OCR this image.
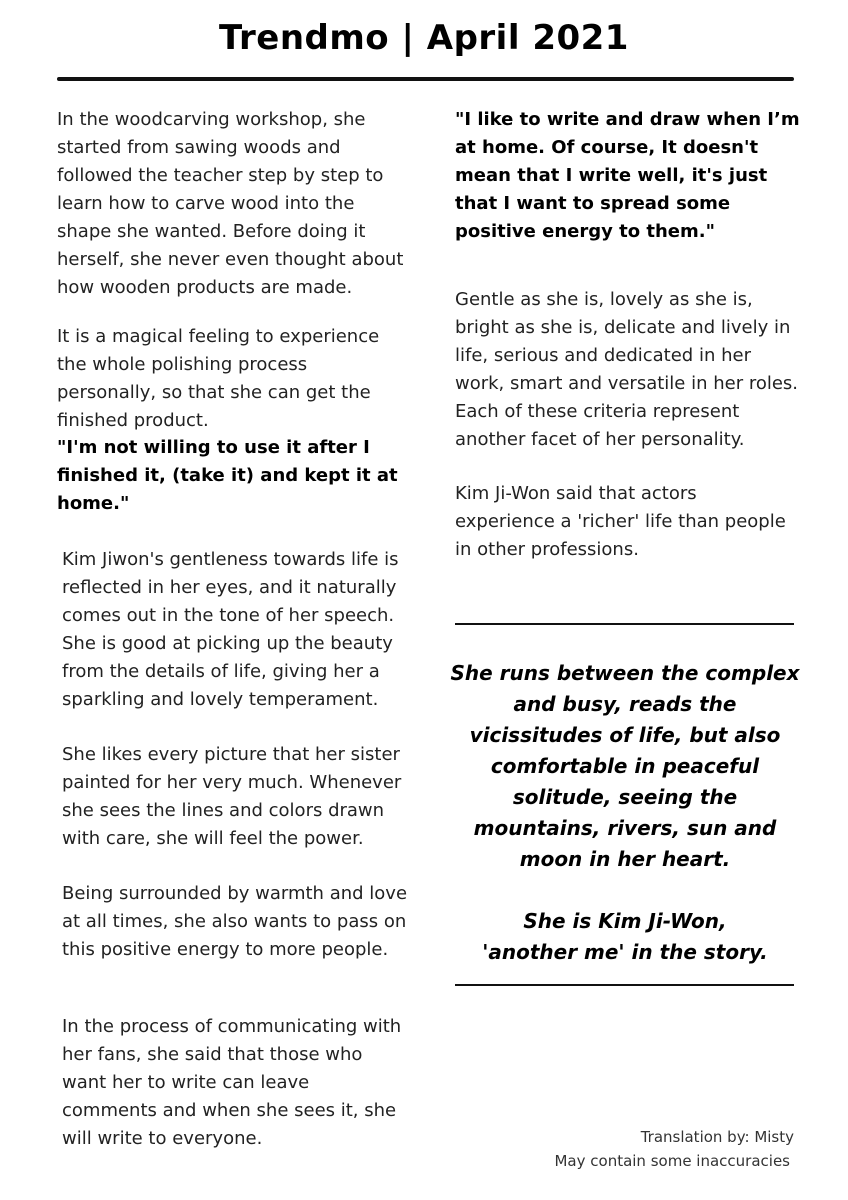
Trendmo | April 2021

In the woodcarving workshop, she started from sawing woods and followed the teacher step by step to learn how to carve wood into the shape she wanted. Before doing it herself, she never even thought about how wooden products are made.

It is a magical feeling to experience the whole polishing process personally, so that she can get the finished product.

"I'm not willing to use it after I finished it, (take it) and kept it at home."

Kim Jiwon's gentleness towards life is reflected in her eyes, and it naturally comes out in the tone of her speech. She is good at picking up the beauty from the details of life, giving her a sparkling and lovely temperament.

She likes every picture that her sister painted for her very much. Whenever she sees the lines and colors drawn with care, she will feel the power.

Being surrounded by warmth and love at all times, she also wants to pass on this positive energy to more people.

In the process of communicating with her fans, she said that those who want her to write can leave comments and when she sees it, she will write to everyone.

"I like to write and draw when I’m at home. Of course, It doesn't mean that I write well, it's just that I want to spread some positive energy to them."

Gentle as she is, lovely as she is, bright as she is, delicate and lively in life, serious and dedicated in her work, smart and versatile in her roles. Each of these criteria represent another facet of her personality.

Kim Ji-Won said that actors experience a 'richer' life than people in other professions.

She runs between the complex and busy, reads the vicissitudes of life, but also comfortable in peaceful solitude, seeing the mountains, rivers, sun and moon in her heart.

She is Kim Ji-Won,
'another me' in the story.

Translation by: Misty

May contain some inaccuracies
